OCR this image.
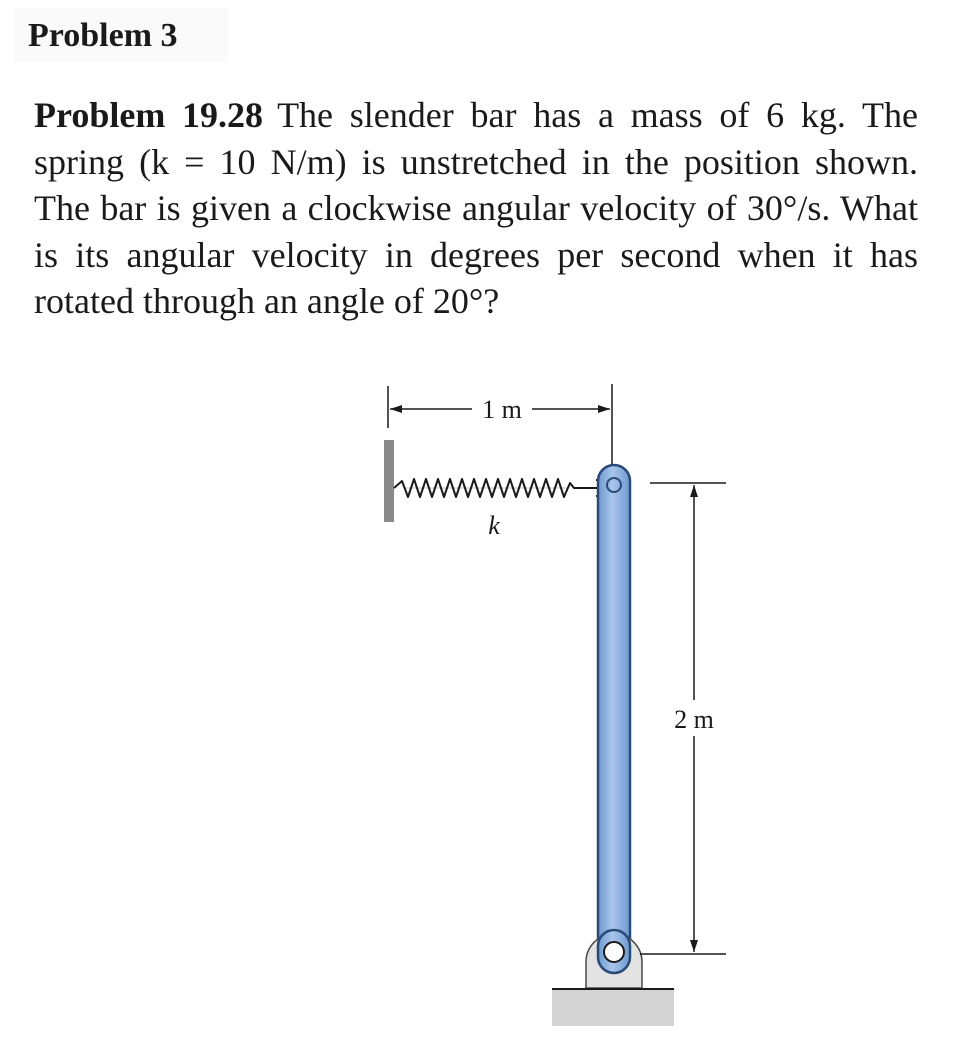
Problem 3
Problem 19.28 The slender bar has a mass of 6 kg. The spring (k = 10 N/m) is unstretched in the position shown. The bar is given a clockwise angular velocity of 30°/s. What is its angular velocity in degrees per second when it has rotated through an angle of 20°?
1 m
k
2 m
